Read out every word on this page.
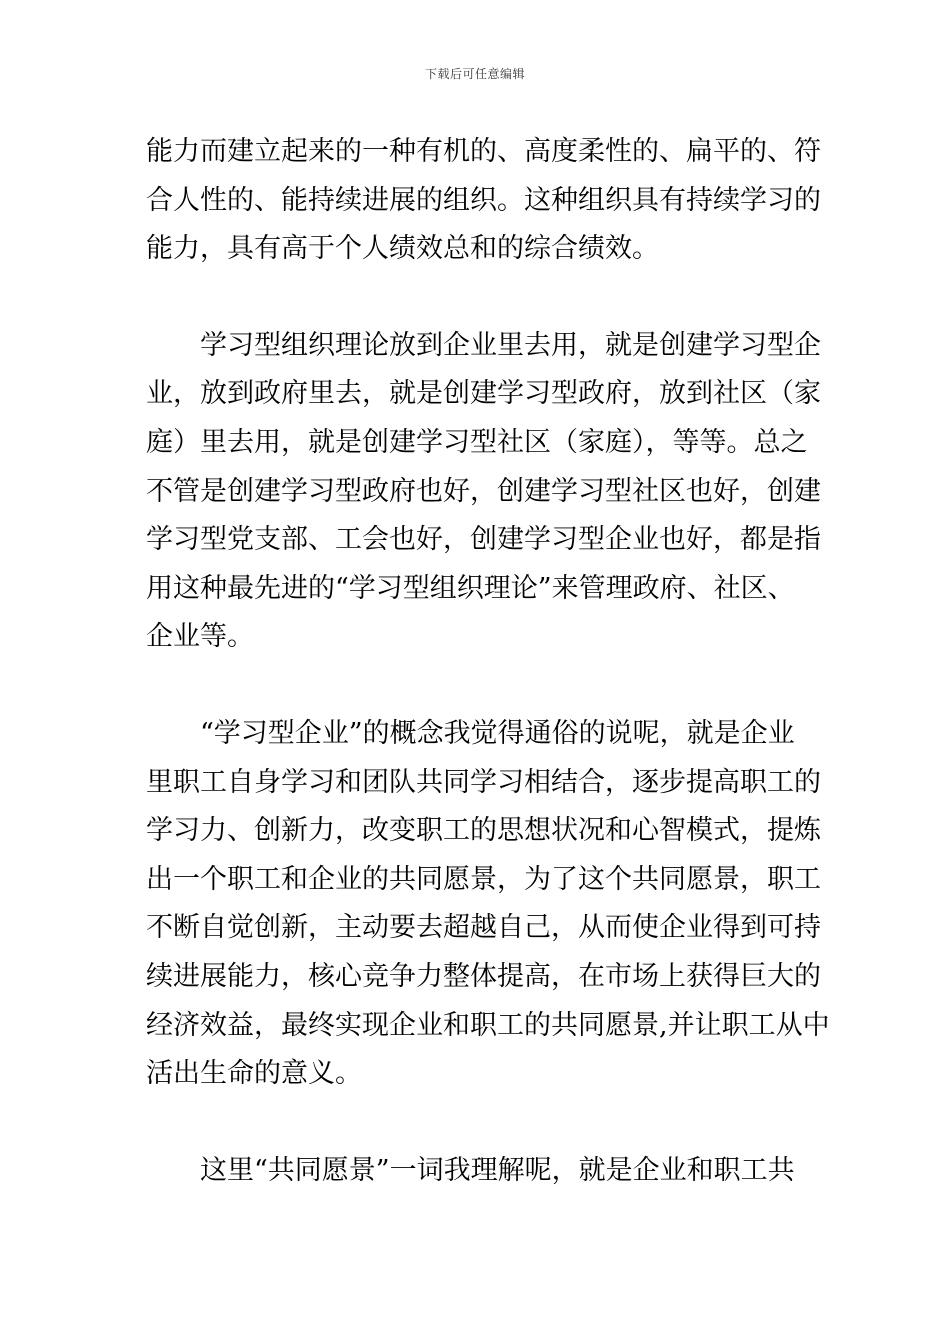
下载后可任意编辑
能力而建立起来的一种有机的、高度柔性的、扁平的、符
合人性的、能持续进展的组织。这种组织具有持续学习的
能力，具有高于个人绩效总和的综合绩效。
学习型组织理论放到企业里去用，就是创建学习型企
业，放到政府里去，就是创建学习型政府，放到社区（家
庭）里去用，就是创建学习型社区（家庭），等等。总之
不管是创建学习型政府也好，创建学习型社区也好，创建
学习型党支部、工会也好，创建学习型企业也好，都是指
用这种最先进的“学习型组织理论”来管理政府、社区、
企业等。
“学习型企业”的概念我觉得通俗的说呢，就是企业
里职工自身学习和团队共同学习相结合，逐步提高职工的
学习力、创新力，改变职工的思想状况和心智模式，提炼
出一个职工和企业的共同愿景，为了这个共同愿景，职工
不断自觉创新，主动要去超越自己，从而使企业得到可持
续进展能力，核心竞争力整体提高，在市场上获得巨大的
经济效益，最终实现企业和职工的共同愿景,并让职工从中
活出生命的意义。
这里“共同愿景”一词我理解呢，就是企业和职工共
